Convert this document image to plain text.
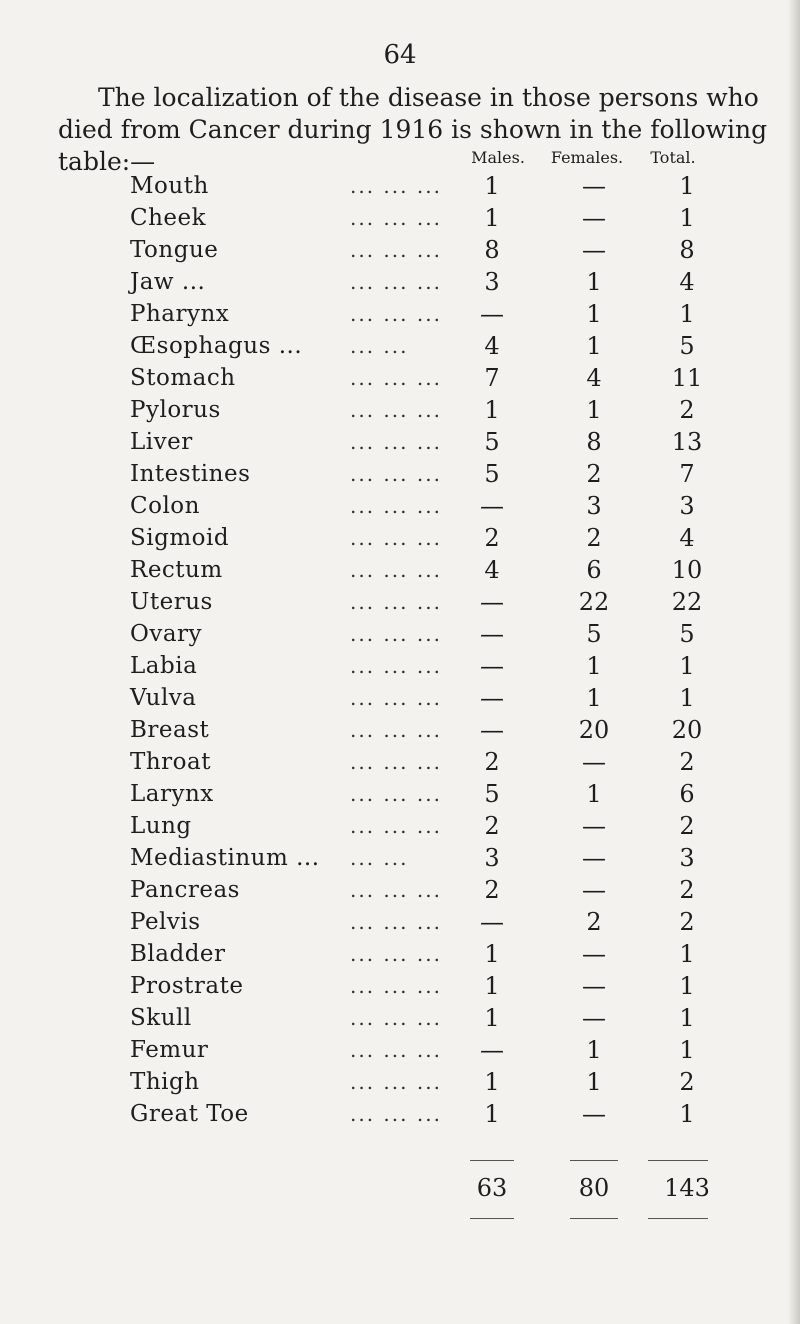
64
The localization of the disease in those persons who died from Cancer during 1916 is shown in the following table:—	Males.	Females.	Total.
Mouth	... ... ...	1	—	1
Cheek	... ... ...	1	—	1
Tongue	... ... ...	8	—	8
Jaw ...	... ... ...	3	1	4
Pharynx	... ... ...	—	1	1
Œsophagus ... ... ...	4	1	5
Stomach	... ... ...	7	4	11
Pylorus	... ... ...	1	1	2
Liver	... ... ...	5	8	13
Intestines	... ... ...	5	2	7
Colon	... ... ...	—	3	3
Sigmoid	... ... ...	2	2	4
Rectum	... ... ...	4	6	10
Uterus	... ... ...	—	22	22
Ovary	... ... ...	—	5	5
Labia	... ... ...	—	1	1
Vulva	... ... ...	—	1	1
Breast	... ... ...	—	20	20
Throat	... ... ...	2	—	2
Larynx	... ... ...	5	1	6
Lung	... ... ...	2	—	2
Mediastinum ... ... ...	3	—	3
Pancreas	... ... ...	2	—	2
Pelvis	... ... ...	—	2	2
Bladder	... ... ...	1	—	1
Prostrate	... ... ...	1	—	1
Skull	... ... ...	1	—	1
Femur	... ... ...	—	1	1
Thigh	... ... ...	1	1	2
Great Toe	... ... ...	1	—	1
63	80	143
